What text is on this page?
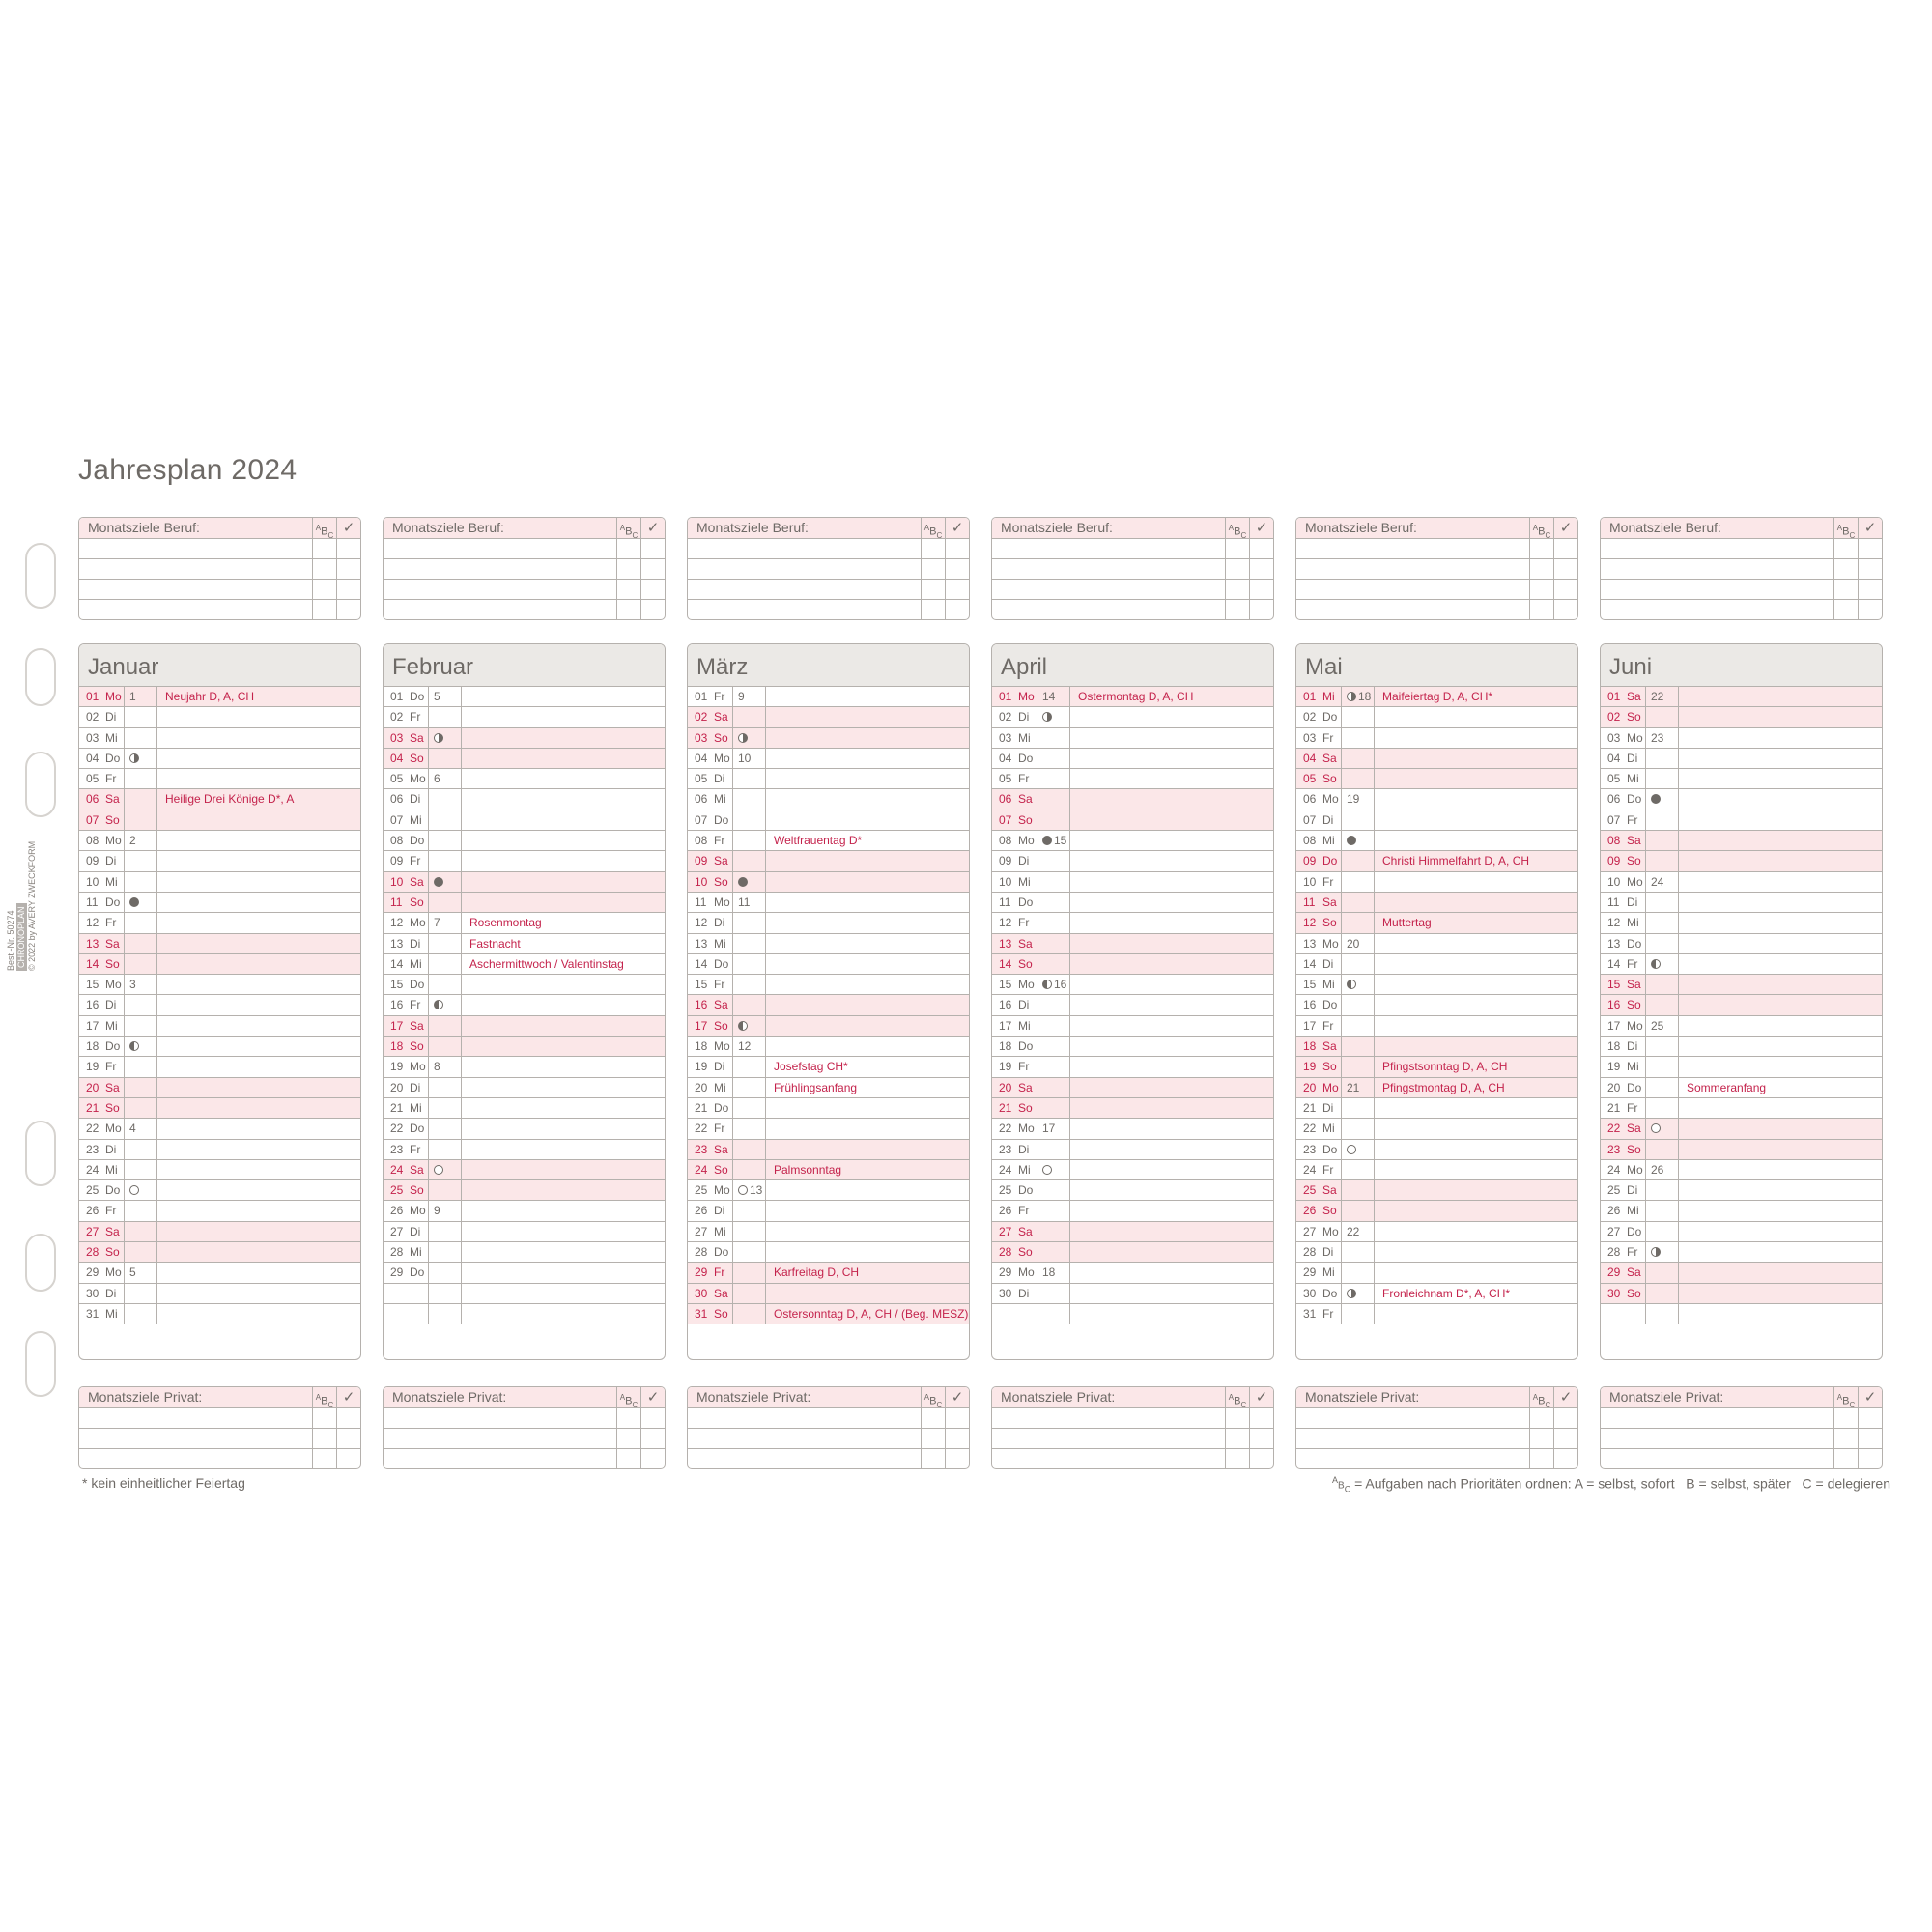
Jahresplan 2024
Best.-Nr. 50274 CHRONOPLAN © 2022 by AVERY ZWECKFORM
Monatsziele Beruf:	$^AB_C$ ✓	Monatsziele Beruf:	$^AB_C$ ✓	Monatsziele Beruf:	$^AB_C$ ✓	Monatsziele Beruf:	$^AB_C$ ✓	Monatsziele Beruf:	$^AB_C$ ✓	Monatsziele Beruf:	$^AB_C$ ✓
Januar
01 Mo 1	Neujahr D, A, CH
02 Di
03 Mi
04 Do
05 Fr
06 Sa	Heilige Drei Könige D*, A
07 So
08 Mo 2
09 Di
10 Mi
11 Do
12 Fr
13 Sa
14 So
15 Mo 3
16 Di
17 Mi
18 Do
19 Fr
20 Sa
21 So
22 Mo 4
23 Di
24 Mi
25 Do
26 Fr
27 Sa
28 So
29 Mo 5
30 Di
31 Mi
Februar
01 Do 5
02 Fr
03 Sa
04 So
05 Mo 6
06 Di
07 Mi
08 Do
09 Fr
10 Sa
11 So
12 Mo 7	Rosenmontag
13 Di	Fastnacht
14 Mi	Aschermittwoch / Valentinstag
15 Do
16 Fr
17 Sa
18 So
19 Mo 8
20 Di
21 Mi
22 Do
23 Fr
24 Sa
25 So
26 Mo 9
27 Di
28 Mi
29 Do
März
01 Fr	9
02 Sa
03 So
04 Mo 10
05 Di
06 Mi
07 Do
08 Fr	Weltfrauentag D*
09 Sa
10 So
11 Mo 11
12 Di
13 Mi
14 Do
15 Fr
16 Sa
17 So
18 Mo 12
19 Di	Josefstag CH*
20 Mi	Frühlingsanfang
21 Do
22 Fr
23 Sa
24 So	Palmsonntag
25 Mo	13
26 Di
27 Mi
28 Do
29 Fr	Karfreitag D, CH
30 Sa
31 So	Ostersonntag D, A, CH / (Beg. MESZ)
April
01 Mo 14	Ostermontag D, A, CH
02 Di
03 Mi
04 Do
05 Fr
06 Sa
07 So
08 Mo	15
09 Di
10 Mi
11 Do
12 Fr
13 Sa
14 So
15 Mo	16
16 Di
17 Mi
18 Do
19 Fr
20 Sa
21 So
22 Mo 17
23 Di
24 Mi
25 Do
26 Fr
27 Sa
28 So
29 Mo 18
30 Di
Mai
01 Mi	18 Maifeiertag D, A, CH*
02 Do
03 Fr
04 Sa
05 So
06 Mo 19
07 Di
08 Mi
09 Do	Christi Himmelfahrt D, A, CH
10 Fr
11 Sa
12 So	Muttertag
13 Mo 20
14 Di
15 Mi
16 Do
17 Fr
18 Sa
19 So	Pfingstsonntag D, A, CH
20 Mo 21	Pfingstmontag D, A, CH
21 Di
22 Mi
23 Do
24 Fr
25 Sa
26 So
27 Mo 22
28 Di
29 Mi
30 Do	Fronleichnam D*, A, CH*
31 Fr
Juni
01 Sa 22
02 So
03 Mo 23
04 Di
05 Mi
06 Do
07 Fr
08 Sa
09 So
10 Mo 24
11 Di
12 Mi
13 Do
14 Fr
15 Sa
16 So
17 Mo 25
18 Di
19 Mi
20 Do	Sommeranfang
21 Fr
22 Sa
23 So
24 Mo 26
25 Di
26 Mi
27 Do
28 Fr
29 Sa
30 So
Monatsziele Privat:	$^AB_C$ ✓	Monatsziele Privat:	$^AB_C$ ✓	Monatsziele Privat:	$^AB_C$ ✓	Monatsziele Privat:	$^AB_C$ ✓	Monatsziele Privat:	$^AB_C$ ✓	Monatsziele Privat:	$^AB_C$ ✓
* kein einheitlicher Feiertag	$^AB_C$ = Aufgaben nach Prioritäten ordnen: A = selbst, sofort   B = selbst, später   C = delegieren
